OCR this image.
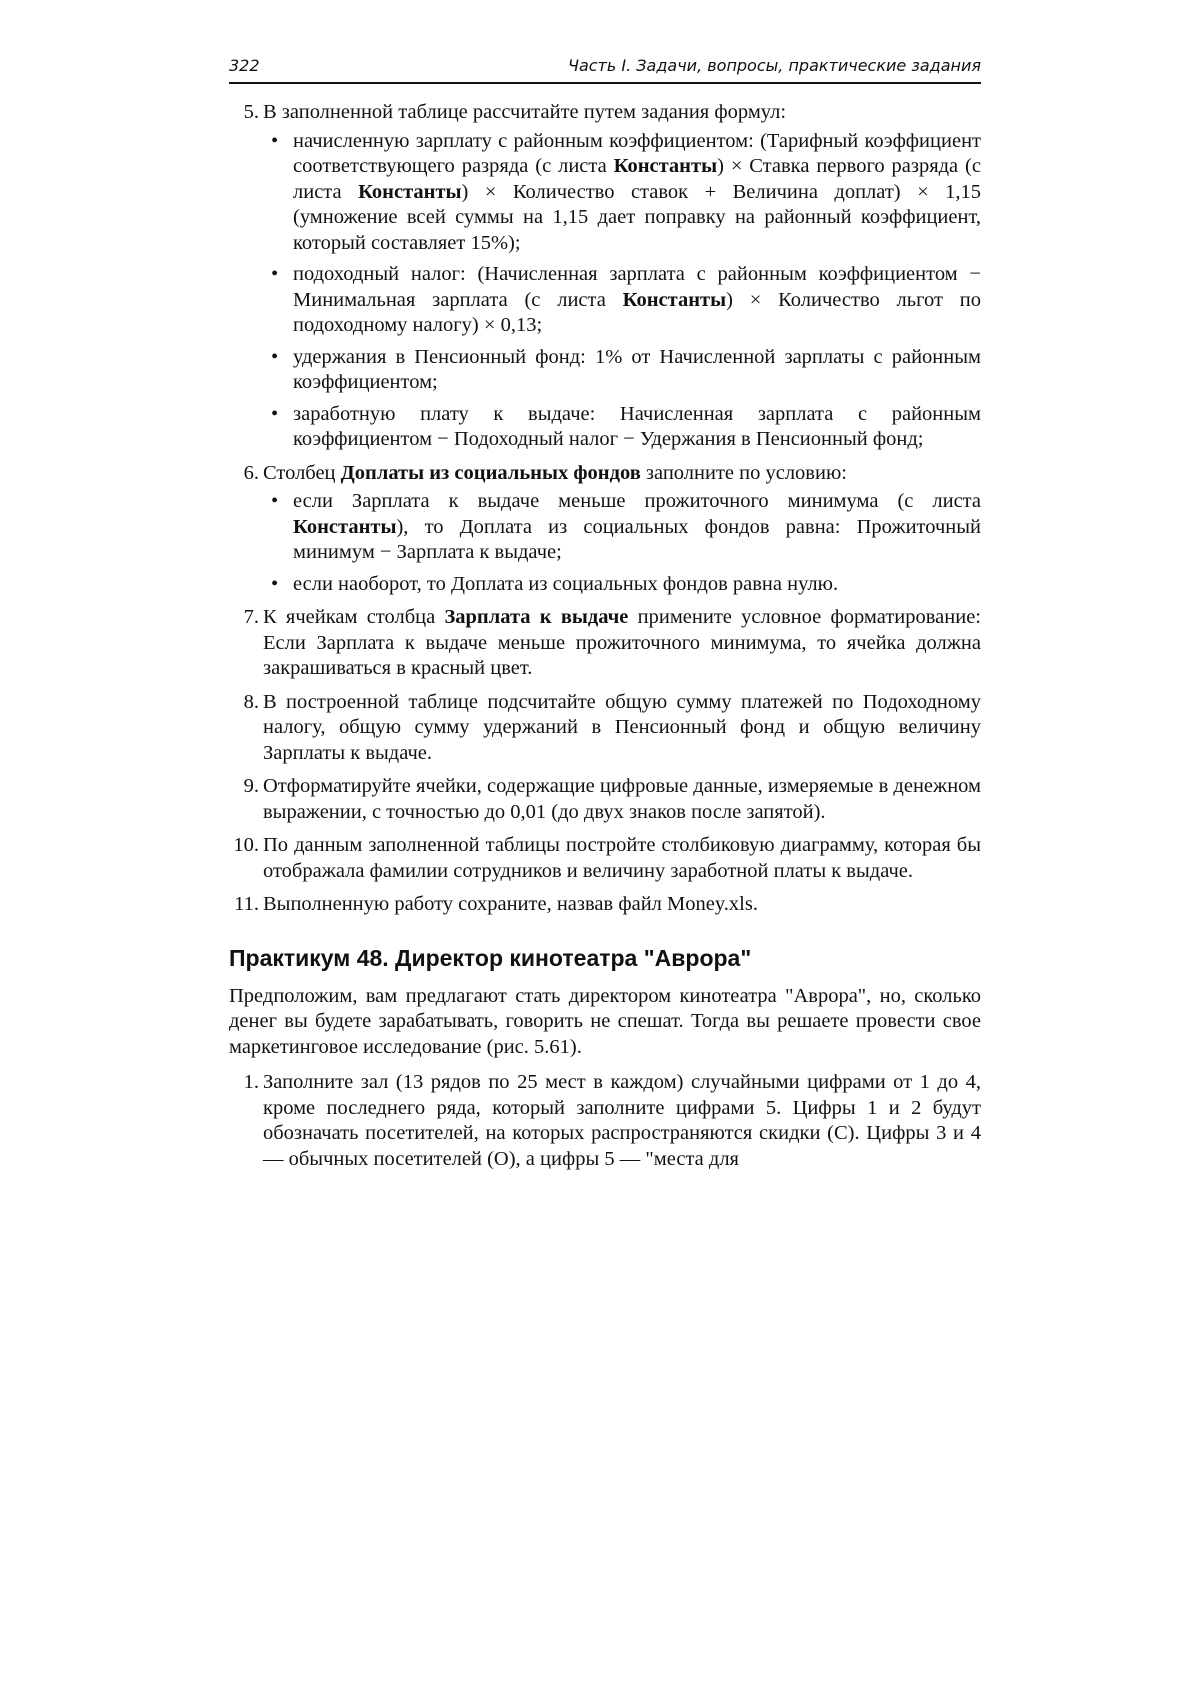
322	Часть I. Задачи, вопросы, практические задания
5. В заполненной таблице рассчитайте путем задания формул:
• начисленную зарплату с районным коэффициентом: (Тарифный коэффициент соответствующего разряда (с листа Константы) × Ставка первого разряда (с листа Константы) × Количество ставок + Величина доплат) × 1,15 (умножение всей суммы на 1,15 дает поправку на районный коэффициент, который составляет 15%);
• подоходный налог: (Начисленная зарплата с районным коэффициентом − Минимальная зарплата (с листа Константы) × Количество льгот по подоходному налогу) × 0,13;
• удержания в Пенсионный фонд: 1% от Начисленной зарплаты с районным коэффициентом;
• заработную плату к выдаче: Начисленная зарплата с районным коэффициентом − Подоходный налог − Удержания в Пенсионный фонд;
6. Столбец Доплаты из социальных фондов заполните по условию:
• если Зарплата к выдаче меньше прожиточного минимума (с листа Константы), то Доплата из социальных фондов равна: Прожиточный минимум − Зарплата к выдаче;
• если наоборот, то Доплата из социальных фондов равна нулю.
7. К ячейкам столбца Зарплата к выдаче примените условное форматирование: Если Зарплата к выдаче меньше прожиточного минимума, то ячейка должна закрашиваться в красный цвет.
8. В построенной таблице подсчитайте общую сумму платежей по Подоходному налогу, общую сумму удержаний в Пенсионный фонд и общую величину Зарплаты к выдаче.
9. Отформатируйте ячейки, содержащие цифровые данные, измеряемые в денежном выражении, с точностью до 0,01 (до двух знаков после запятой).
10. По данным заполненной таблицы постройте столбиковую диаграмму, которая бы отображала фамилии сотрудников и величину заработной платы к выдаче.
11. Выполненную работу сохраните, назвав файл Money.xls.
Практикум 48. Директор кинотеатра "Аврора"
Предположим, вам предлагают стать директором кинотеатра "Аврора", но, сколько денег вы будете зарабатывать, говорить не спешат. Тогда вы решаете провести свое маркетинговое исследование (рис. 5.61).
1. Заполните зал (13 рядов по 25 мест в каждом) случайными цифрами от 1 до 4, кроме последнего ряда, который заполните цифрами 5. Цифры 1 и 2 будут обозначать посетителей, на которых распространяются скидки (С). Цифры 3 и 4 — обычных посетителей (О), а цифры 5 — "места для
